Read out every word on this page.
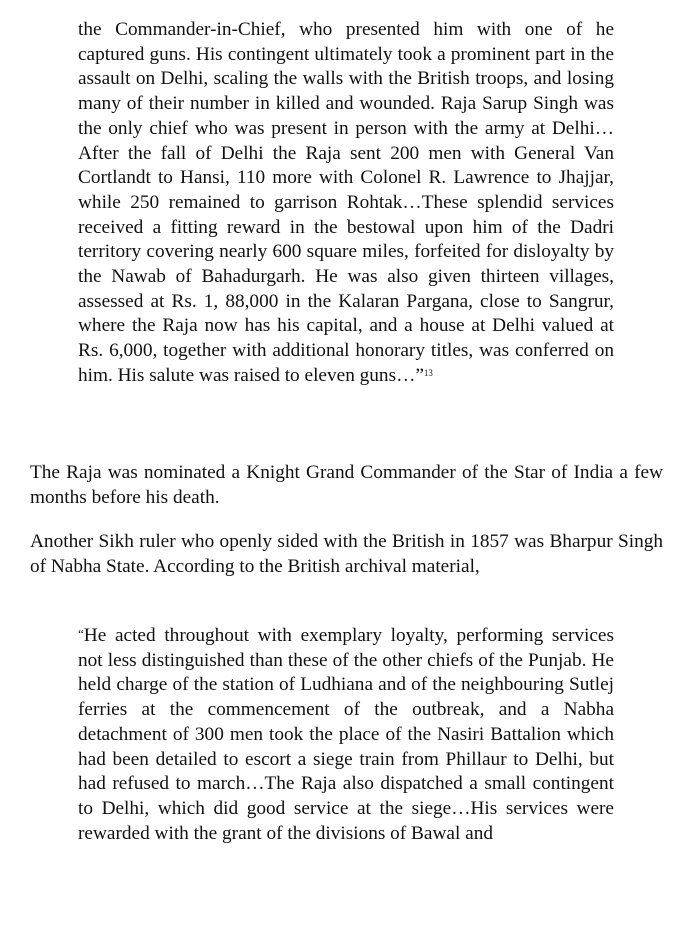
the Commander-in-Chief, who presented him with one of he captured guns. His contingent ultimately took a prominent part in the assault on Delhi, scaling the walls with the British troops, and losing many of their number in killed and wounded. Raja Sarup Singh was the only chief who was present in person with the army at Delhi…After the fall of Delhi the Raja sent 200 men with General Van Cortlandt to Hansi, 110 more with Colonel R. Lawrence to Jhajjar, while 250 remained to garrison Rohtak…These splendid services received a fitting reward in the bestowal upon him of the Dadri territory covering nearly 600 square miles, forfeited for disloyalty by the Nawab of Bahadurgarh. He was also given thirteen villages, assessed at Rs. 1, 88,000 in the Kalaran Pargana, close to Sangrur, where the Raja now has his capital, and a house at Delhi valued at Rs. 6,000, together with additional honorary titles, was conferred on him. His salute was raised to eleven guns…”$^{13}$
The Raja was nominated a Knight Grand Commander of the Star of India a few months before his death.
Another Sikh ruler who openly sided with the British in 1857 was Bharpur Singh of Nabha State. According to the British archival material,
“He acted throughout with exemplary loyalty, performing services not less distinguished than these of the other chiefs of the Punjab. He held charge of the station of Ludhiana and of the neighbouring Sutlej ferries at the commencement of the outbreak, and a Nabha detachment of 300 men took the place of the Nasiri Battalion which had been detailed to escort a siege train from Phillaur to Delhi, but had refused to march…The Raja also dispatched a small contingent to Delhi, which did good service at the siege…His services were rewarded with the grant of the divisions of Bawal and
